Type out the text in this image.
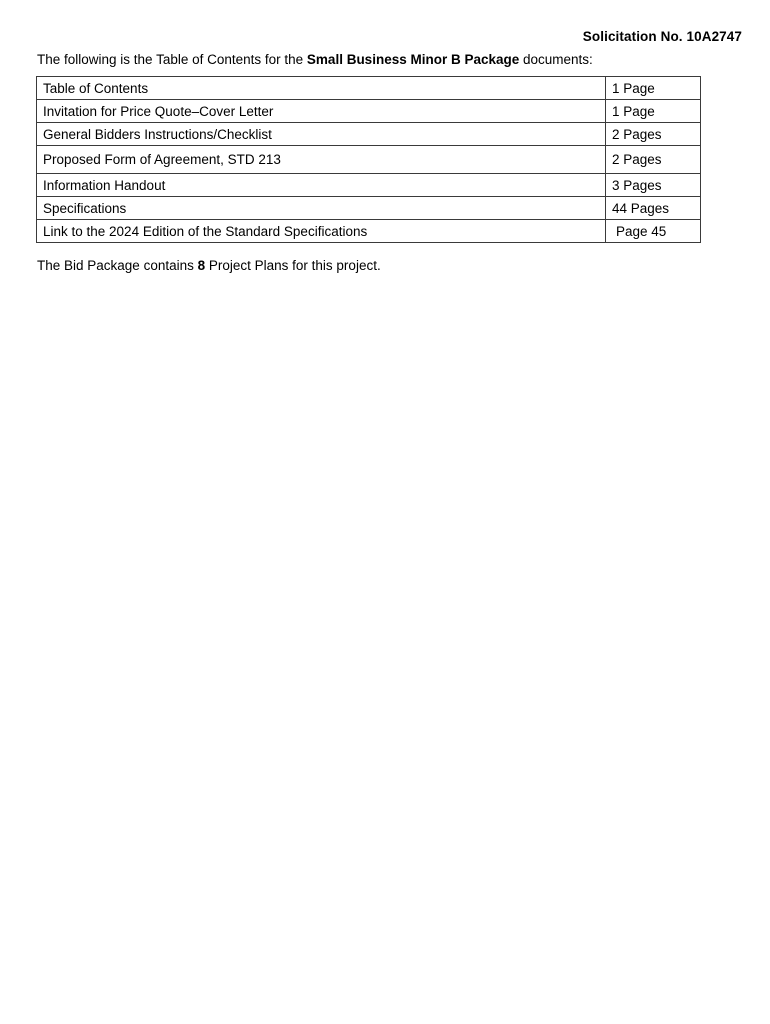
Solicitation No. 10A2747
The following is the Table of Contents for the Small Business Minor B Package documents:
Table of Contents	1 Page
Invitation for Price Quote–Cover Letter	1 Page
General Bidders Instructions/Checklist	2 Pages
Proposed Form of Agreement, STD 213	2 Pages
Information Handout	3 Pages
Specifications	44 Pages
Link to the 2024 Edition of the Standard Specifications	Page 45
The Bid Package contains 8 Project Plans for this project.
